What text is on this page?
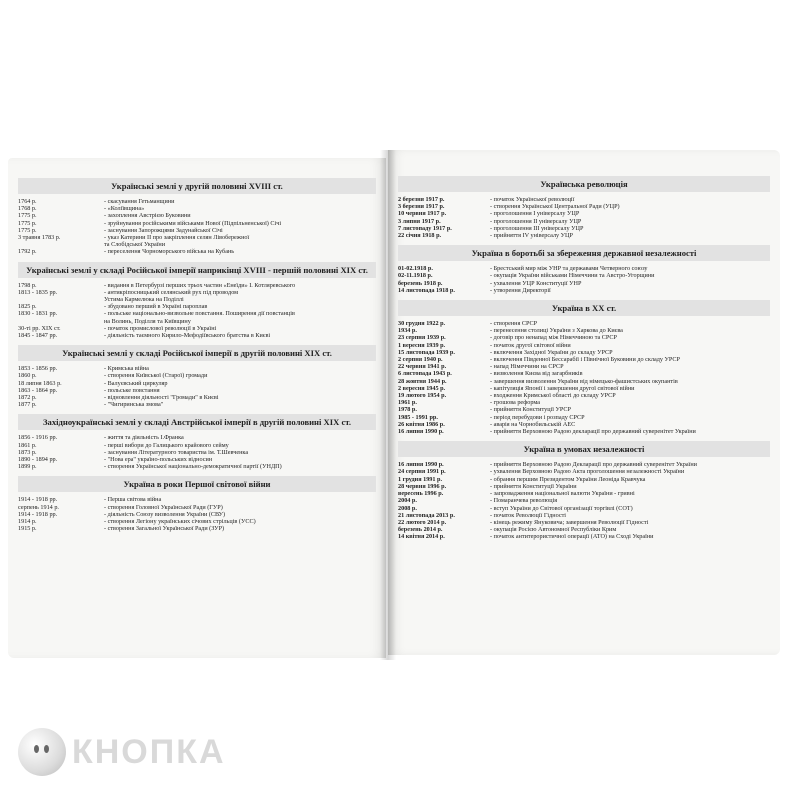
Українські землі у другій половині XVIII ст.
1764 р.	- скасування Гетьманщини
1768 р.	- «Коліївщина»
1775 р.	- захоплення Австрією Буковини
1775 р.	- зруйнування російськими військами Нової (Підпільненської) Січі
1775 р.	- заснування Запорожцями Задунайської Січі
3 травня 1783 р.	- указ Катерини ІІ про закріплення селян Лівобережної
та Слобідської України
1792 р.	- переселення Чорноморського війська на Кубань
Українські землі у складі Російської імперії наприкінці XVIII - першій половині XIX ст.
1798 р.	- видання в Петербурзі перших трьох частин «Енеїди» І. Котляревського
1813 - 1835 рр.	- антикріпосницький селянський рух під проводом
Устима Кармелюка на Поділлі
1825 р.	- збудовано перший в Україні пароплав
1830 - 1831 рр.	- польське національно-визвольне повстання. Поширення дії повстанців
на Волинь, Поділля та Київщину
30-ті рр. XIX ст.	- початок промислової революції в Україні
1845 - 1847 рр.	- діяльність таємного Кирило-Мефодіївського братства в Києві
Українські землі у складі Російської імперії в другій половині XIX ст.
1853 - 1856 рр.	- Кримська війна
1860 р.	- створення Київської (Старої) громади
18 липня 1863 р.	- Валуєвський циркуляр
1863 - 1864 рр.	- польське повстання
1872 р.	- відновлення діяльності "Громади" в Києві
1877 р.	- "Чигиринська змова"
Західноукраїнські землі у складі Австрійської імперії в другій половині XIX ст.
1856 - 1916 рр.	- життя та діяльність І.Франка
1861 р.	- перші вибори до Галицького крайового сейму
1873 р.	- заснування Літературного товариства ім. Т.Шевченка
1890 - 1894 рр.	- "Нова ера" україно-польських відносин
1899 р.	- створення Української національно-демократичної партії (УНДП)
Україна в роки Першої світової війни
1914 - 1918 рр.	- Перша світова війна
серпень 1914 р.	- створення Головної Української Ради (ГУР)
1914 - 1918 рр.	- діяльність Союзу визволення України (СВУ)
1914 р.	- створення Легіону українських січових стрільців (УСС)
1915 р.	- створення Загальної Української Ради (ЗУР)
Українська революція
2 березня 1917 р.	- початок Української революції
3 березня 1917 р.	- створення Української Центральної Ради (УЦР)
10 червня 1917 р.	- проголошення І універсалу УЦР
3 липня 1917 р.	- проголошення ІІ універсалу УЦР
7 листопаду 1917 р.	- проголошення ІІІ універсалу УЦР
22 січня 1918 р.	- прийняття IV універсалу УЦР
Україна в боротьбі за збереження державної незалежності
01-02.1918 р.	- Брестський мир між УНР та державами Четверного союзу
02-11.1918 р.	- окупація України військами Німеччини та Австро-Угорщини
березень 1918 р.	- ухвалення УЦР Конституції УНР
14 листопада 1918 р.	- утворення Директорії
Україна в XX ст.
30 грудня 1922 р.	- створення СРСР
1934 р.	- перенесення столиці України з Харкова до Києва
23 серпня 1939 р.	- договір про ненапад між Німеччиною та СРСР
1 вересня 1939 р.	- початок другої світової війни
15 листопада 1939 р.	- включення Західної України до складу УРСР
2 серпня 1940 р.	- включення Південної Бессарабії і Північної Буковини до складу УРСР
22 червня 1941 р.	- напад Німеччини на СРСР
6 листопада 1943 р.	- визволення Києва від загарбників
28 жовтня 1944 р.	- завершення визволення України від німецько-фашистських окупантів
2 вересня 1945 р.	- капітуляція Японії і завершення другої світової війни
19 лютого 1954 р.	- входження Кримської області до складу УРСР
1961 р.	- грошова реформа
1978 р.	- прийняття Конституції УРСР
1985 - 1991 рр.	- період перебудови і розпаду СРСР
26 квітня 1986 р.	- аварія на Чорнобильській АЕС
16 липня 1990 р.	- прийняття Верховною Радою декларації про державний суверенітет України
Україна в умовах незалежності
16 липня 1990 р.	- прийняття Верховною Радою Декларації про державний суверенітет України
24 серпня 1991 р.	- ухвалення Верховною Радою Акта проголошення незалежності України
1 грудня 1991 р.	- обрання першим Президентом України Леоніда Кравчука
28 червня 1996 р.	- прийняття Конституції України
вересень 1996 р.	- запровадження національної валюти України - гривні
2004 р.	- Помаранчева революція
2008 р.	- вступ України до Світової організації торгівлі (СОТ)
21 листопада 2013 р.	- початок Революції Гідності
22 лютого 2014 р.	- кінець режиму Януковича; завершення Революції Гідності
березень 2014 р.	- окупація Росією Автономної Республіки Крим
14 квітня 2014 р.	- початок антитерористичної операції (АТО) на Сході України
КНОПКА
